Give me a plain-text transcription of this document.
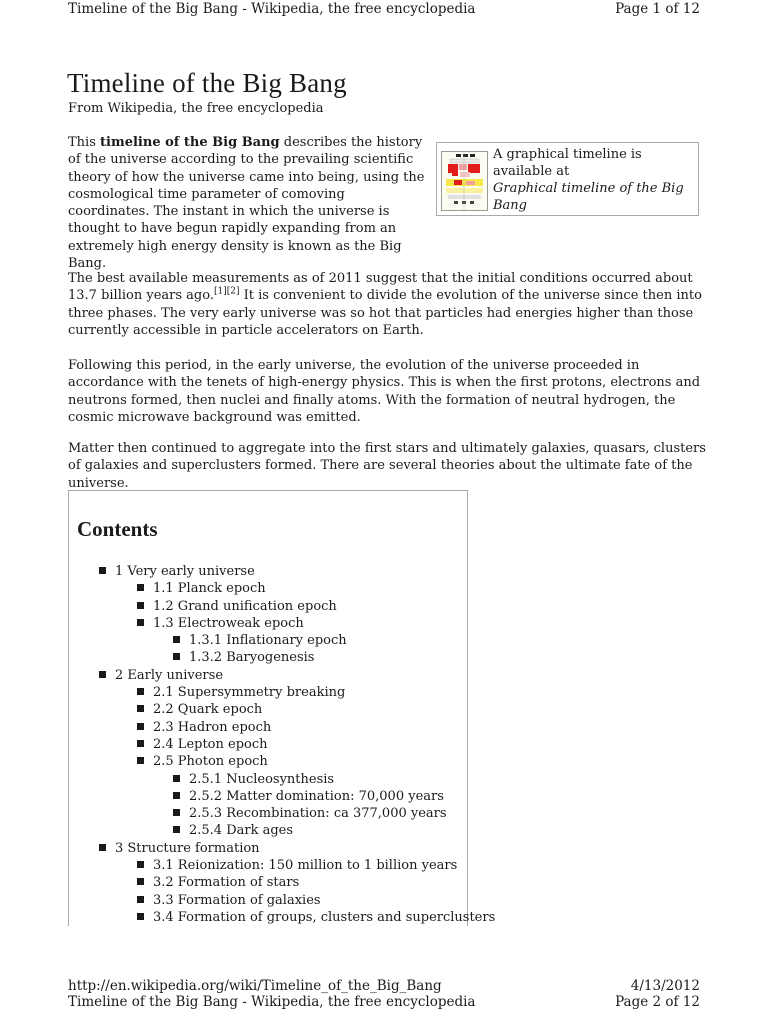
Timeline of the Big Bang - Wikipedia, the free encyclopedia	Page 1 of 12
Timeline of the Big Bang
From Wikipedia, the free encyclopedia

This timeline of the Big Bang describes the history of the universe according to the prevailing scientific theory of how the universe came into being, using the cosmological time parameter of comoving coordinates. The instant in which the universe is thought to have begun rapidly expanding from an extremely high energy density is known as the Big Bang.

A graphical timeline is available at
Graphical timeline of the Big Bang

The best available measurements as of 2011 suggest that the initial conditions occurred about 13.7 billion years ago.[1][2] It is convenient to divide the evolution of the universe since then into three phases. The very early universe was so hot that particles had energies higher than those currently accessible in particle accelerators on Earth.

Following this period, in the early universe, the evolution of the universe proceeded in accordance with the tenets of high-energy physics. This is when the first protons, electrons and neutrons formed, then nuclei and finally atoms. With the formation of neutral hydrogen, the cosmic microwave background was emitted.

Matter then continued to aggregate into the first stars and ultimately galaxies, quasars, clusters of galaxies and superclusters formed. There are several theories about the ultimate fate of the universe.

Contents
1 Very early universe
1.1 Planck epoch
1.2 Grand unification epoch
1.3 Electroweak epoch
1.3.1 Inflationary epoch
1.3.2 Baryogenesis
2 Early universe
2.1 Supersymmetry breaking
2.2 Quark epoch
2.3 Hadron epoch
2.4 Lepton epoch
2.5 Photon epoch
2.5.1 Nucleosynthesis
2.5.2 Matter domination: 70,000 years
2.5.3 Recombination: ca 377,000 years
2.5.4 Dark ages
3 Structure formation
3.1 Reionization: 150 million to 1 billion years
3.2 Formation of stars
3.3 Formation of galaxies
3.4 Formation of groups, clusters and superclusters
http://en.wikipedia.org/wiki/Timeline_of_the_Big_Bang	4/13/2012
Timeline of the Big Bang - Wikipedia, the free encyclopedia	Page 2 of 12
